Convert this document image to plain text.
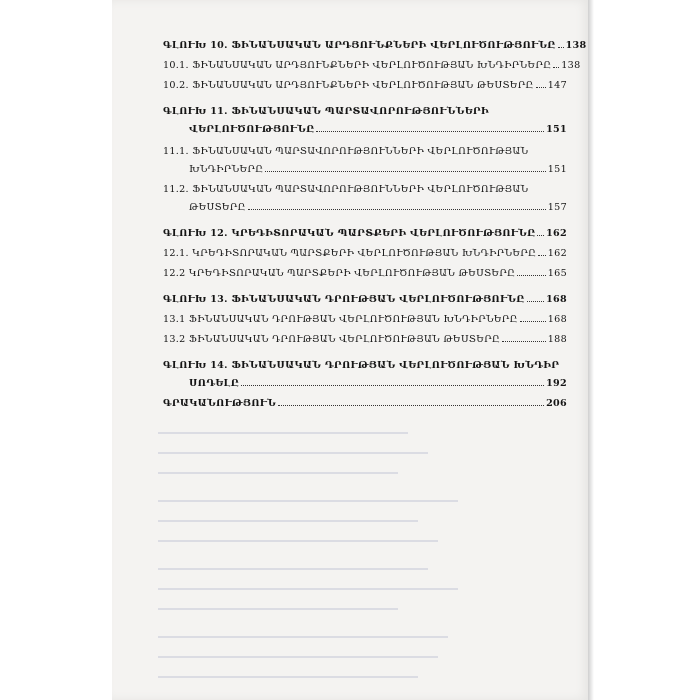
ԳԼՈՒԽ 10. ՖԻՆԱՆՍԱԿԱՆ ԱՐԴՅՈՒՆՔՆԵՐԻ ՎԵՐԼՈՒԾՈՒԹՅՈՒՆԸ 138
10.1. ՖԻՆԱՆՍԱԿԱՆ ԱՐԴՅՈՒՆՔՆԵՐԻ ՎԵՐԼՈՒԾՈՒԹՅԱՆ ԽՆԴԻՐՆԵՐԸ 138
10.2. ՖԻՆԱՆՍԱԿԱՆ ԱՐԴՅՈՒՆՔՆԵՐԻ ՎԵՐԼՈՒԾՈՒԹՅԱՆ ԹԵՍՏԵՐԸ 147
ԳԼՈՒԽ 11. ՖԻՆԱՆՍԱԿԱՆ ՊԱՐՏԱՎՈՐՈՒԹՅՈՒՆՆԵՐԻ
ՎԵՐԼՈՒԾՈՒԹՅՈՒՆԸ	151
11.1. ՖԻՆԱՆՍԱԿԱՆ ՊԱՐՏԱՎՈՐՈՒԹՅՈՒՆՆԵՐԻ ՎԵՐԼՈՒԾՈՒԹՅԱՆ
ԽՆԴԻՐՆԵՐԸ	151
11.2. ՖԻՆԱՆՍԱԿԱՆ ՊԱՐՏԱՎՈՐՈՒԹՅՈՒՆՆԵՐԻ ՎԵՐԼՈՒԾՈՒԹՅԱՆ
ԹԵՍՏԵՐԸ	157
ԳԼՈՒԽ 12. ԿՐԵԴԻՏՈՐԱԿԱՆ ՊԱՐՏՔԵՐԻ ՎԵՐԼՈՒԾՈՒԹՅՈՒՆԸ 162
12.1. ԿՐԵԴԻՏՈՐԱԿԱՆ ՊԱՐՏՔԵՐԻ ՎԵՐԼՈՒԾՈՒԹՅԱՆ ԽՆԴԻՐՆԵՐԸ 162
12.2 ԿՐԵԴԻՏՈՐԱԿԱՆ ՊԱՐՏՔԵՐԻ ՎԵՐԼՈՒԾՈՒԹՅԱՆ ԹԵՍՏԵՐԸ	165
ԳԼՈՒԽ 13. ՖԻՆԱՆՍԱԿԱՆ ԴՐՈՒԹՅԱՆ ՎԵՐԼՈՒԾՈՒԹՅՈՒՆԸ 168
13.1 ՖԻՆԱՆՍԱԿԱՆ ԴՐՈՒԹՅԱՆ ՎԵՐԼՈՒԾՈՒԹՅԱՆ ԽՆԴԻՐՆԵՐԸ	168
13.2 ՖԻՆԱՆՍԱԿԱՆ ԴՐՈՒԹՅԱՆ ՎԵՐԼՈՒԾՈՒԹՅԱՆ ԹԵՍՏԵՐԸ	188
ԳԼՈՒԽ 14. ՖԻՆԱՆՍԱԿԱՆ ԴՐՈՒԹՅԱՆ ՎԵՐԼՈՒԾՈՒԹՅԱՆ ԽՆԴԻՐ
ՍՈԴԵԼԸ	192
ԳՐԱԿԱՆՈՒԹՅՈՒՆ	206
